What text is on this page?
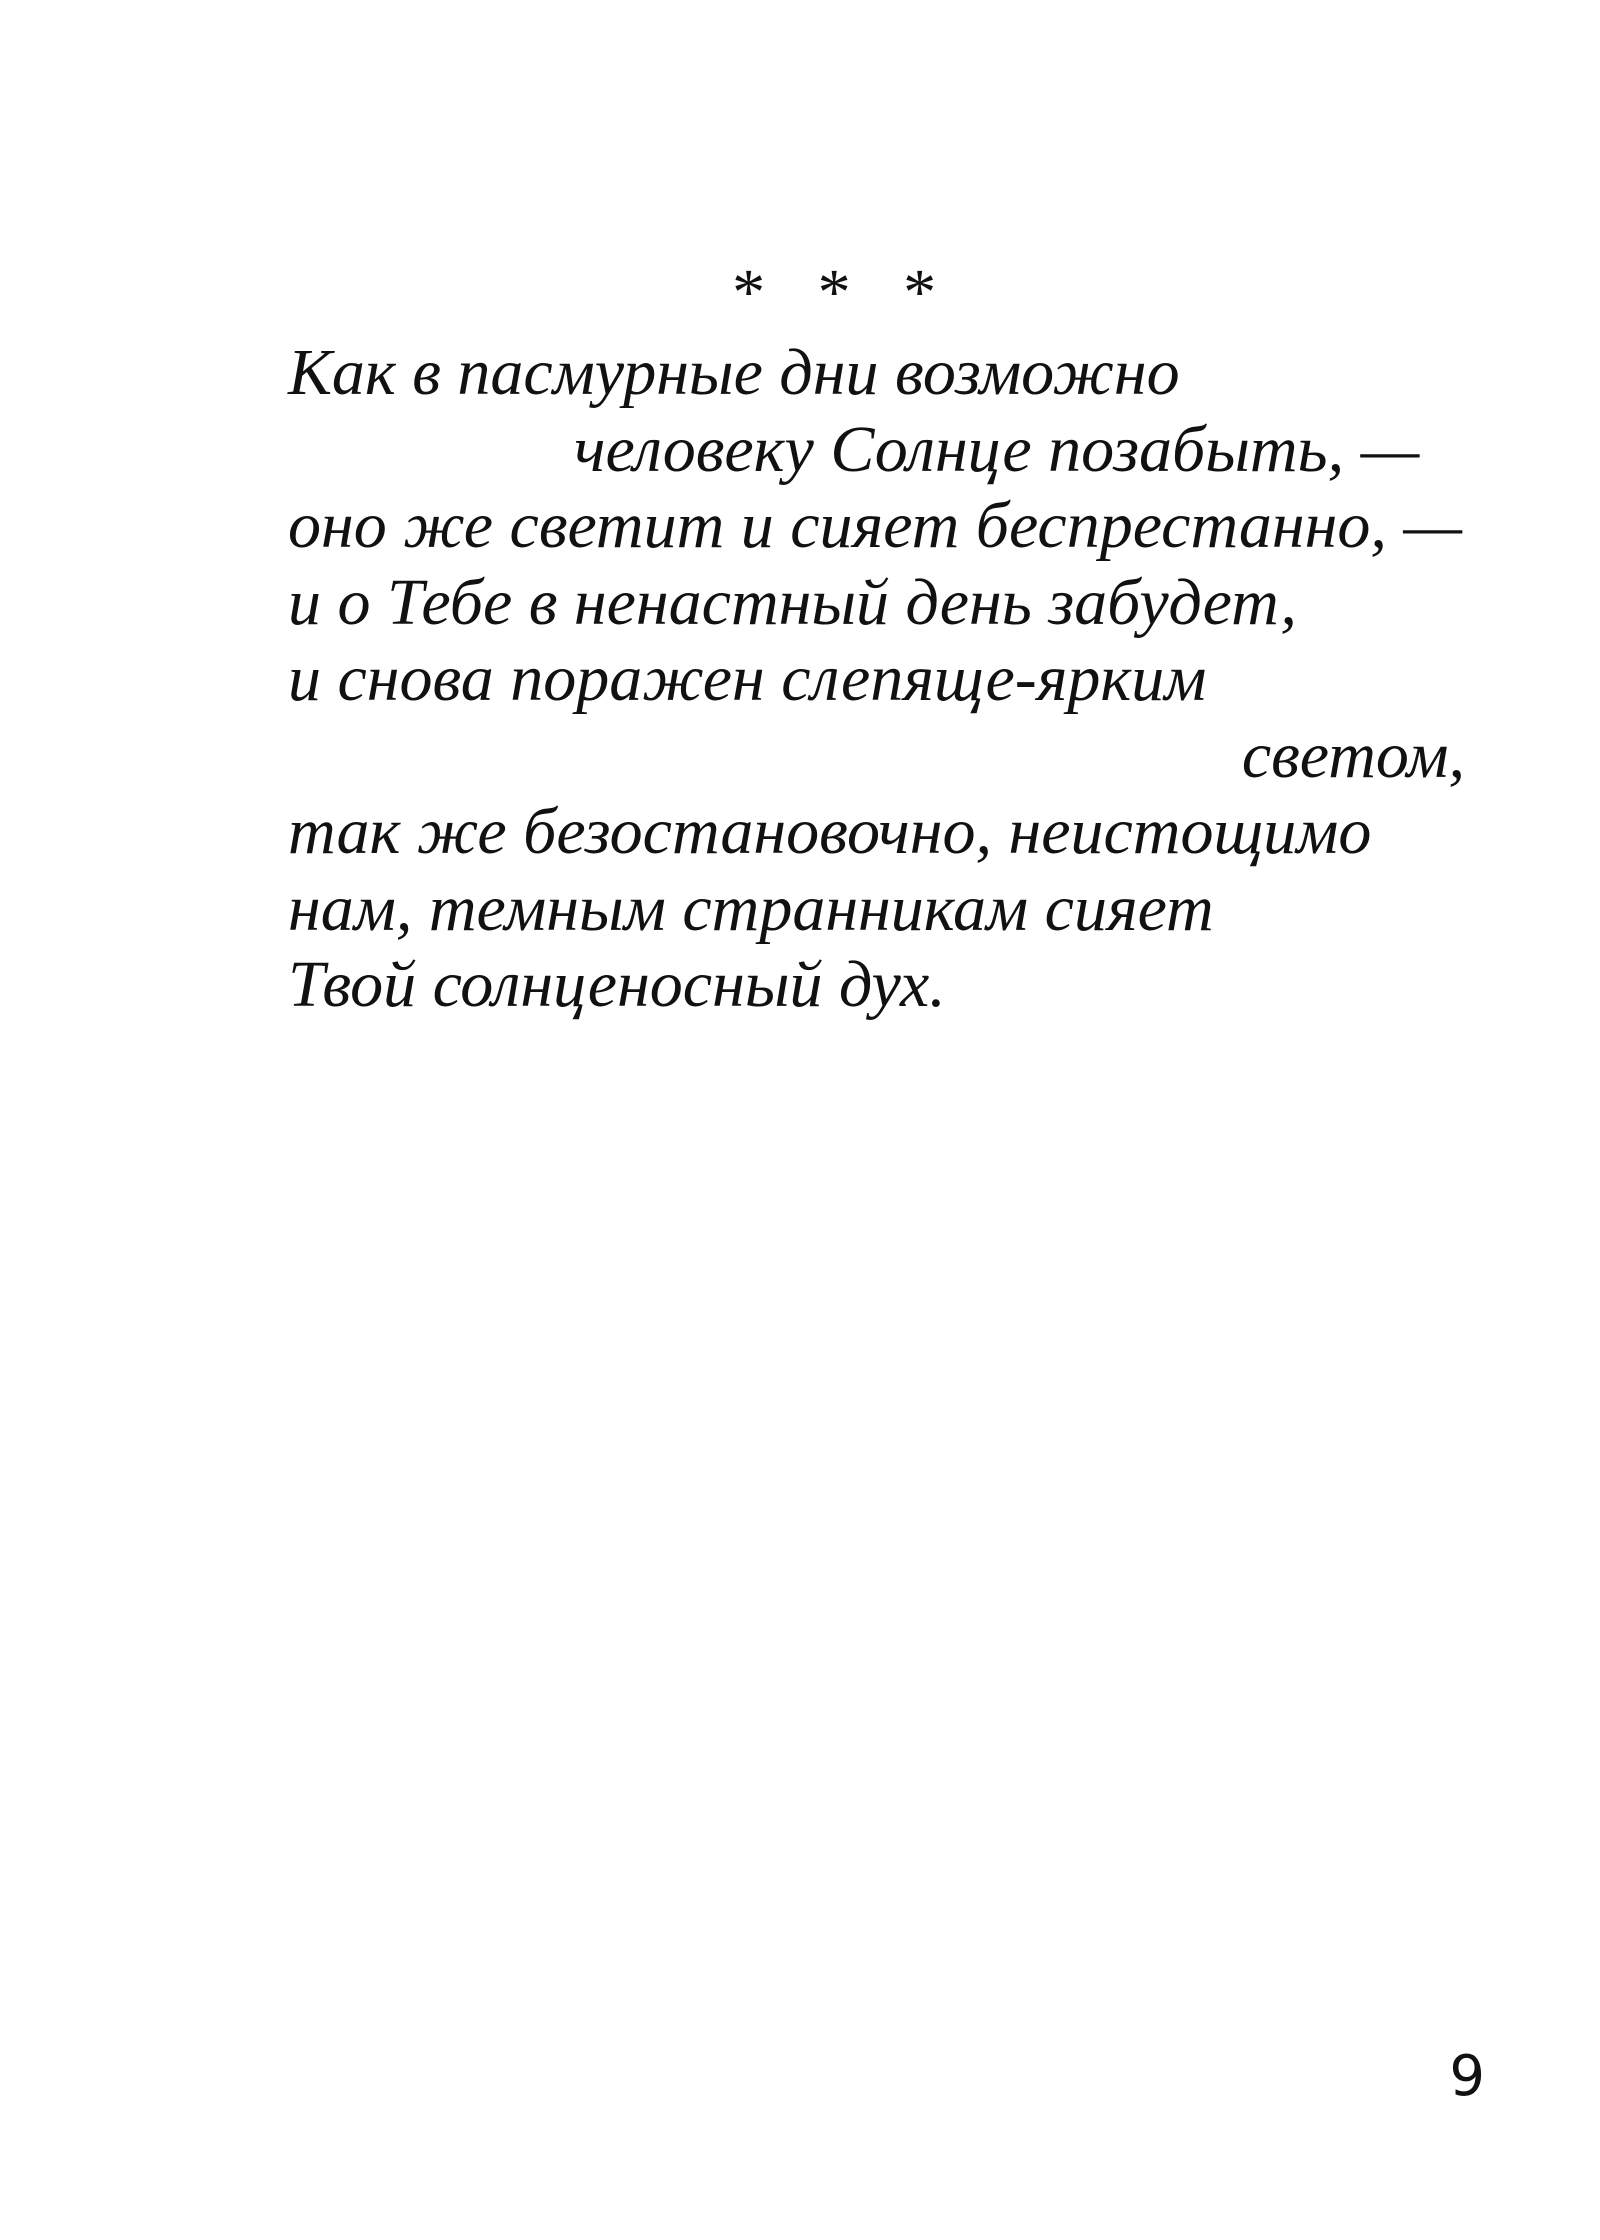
* * *
Как в пасмурные дни возможно
человеку Солнце позабыть, —
оно же светит и сияет беспрестанно, —
и о Тебе в ненастный день забудет,
и снова поражен слепяще-ярким
светом,
так же безостановочно, неистощимо
нам, темным странникам сияет
Твой солнценосный дух.
9
